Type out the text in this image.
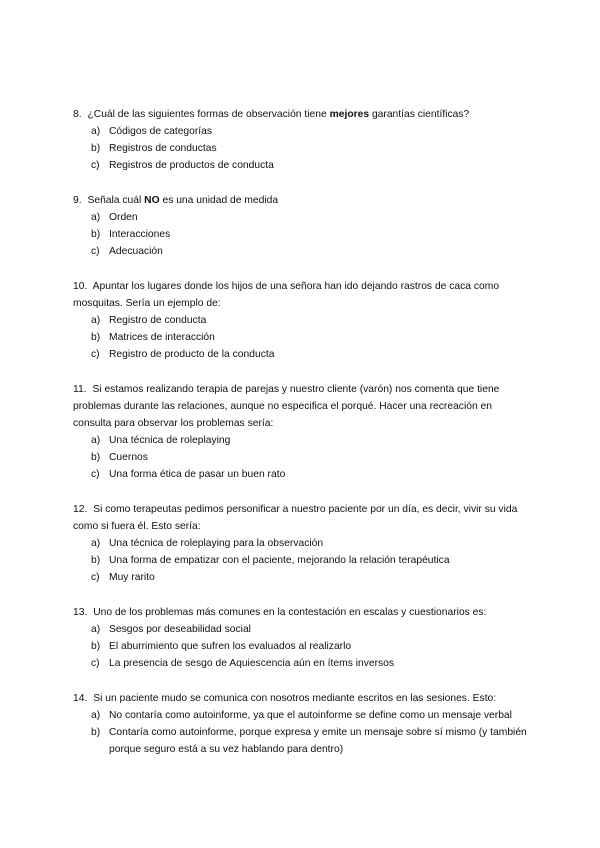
8. ¿Cuál de las siguientes formas de observación tiene mejores garantías científicas?

a) Códigos de categorías
b) Registros de conductas
c) Registros de productos de conducta

9. Señala cuál NO es una unidad de medida

a) Orden
b) Interacciones
c) Adecuación

10. Apuntar los lugares donde los hijos de una señora han ido dejando rastros de caca como mosquitas. Sería un ejemplo de:

a) Registro de conducta
b) Matrices de interacción
c) Registro de producto de la conducta

11. Si estamos realizando terapia de parejas y nuestro cliente (varón) nos comenta que tiene problemas durante las relaciones, aunque no especifica el porqué. Hacer una recreación en consulta para observar los problemas sería:

a) Una técnica de roleplaying
b) Cuernos
c) Una forma ética de pasar un buen rato

12. Si como terapeutas pedimos personificar a nuestro paciente por un día, es decir, vivir su vida como si fuera él. Esto sería:

a) Una técnica de roleplaying para la observación
b) Una forma de empatizar con el paciente, mejorando la relación terapéutica
c) Muy rarito

13. Uno de los problemas más comunes en la contestación en escalas y cuestionarios es:

a) Sesgos por deseabilidad social
b) El aburrimiento que sufren los evaluados al realizarlo
c) La presencia de sesgo de Aquiescencia aún en ítems inversos

14. Si un paciente mudo se comunica con nosotros mediante escritos en las sesiones. Esto:

a) No contaría como autoinforme, ya que el autoinforme se define como un mensaje verbal
b) Contaría como autoinforme, porque expresa y emite un mensaje sobre sí mismo (y también porque seguro está a su vez hablando para dentro)
